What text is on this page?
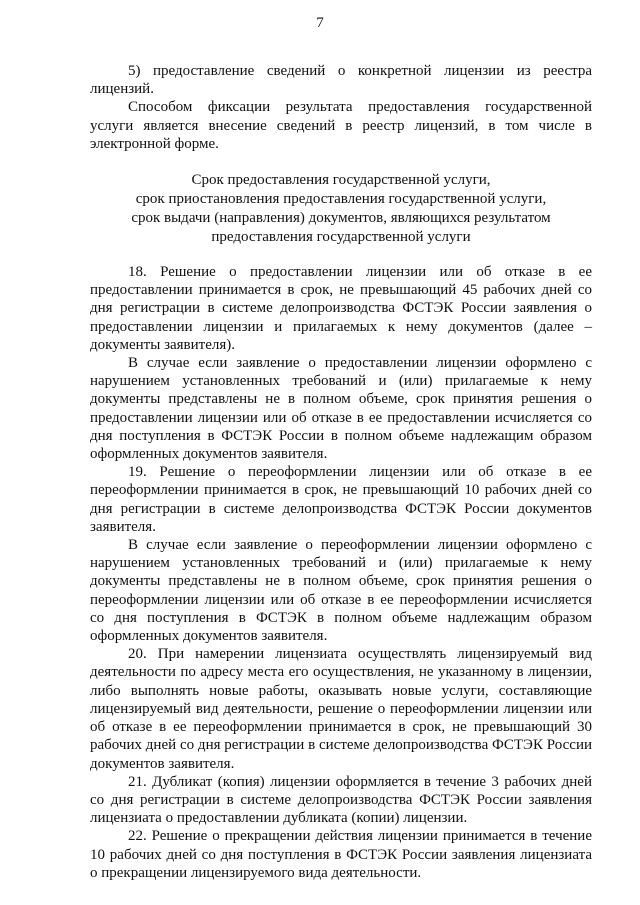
7

5) предоставление сведений о конкретной лицензии из реестра лицензий.

Способом фиксации результата предоставления государственной услуги является внесение сведений в реестр лицензий, в том числе в электронной форме.

Срок предоставления государственной услуги,
срок приостановления предоставления государственной услуги,
срок выдачи (направления) документов, являющихся результатом
предоставления государственной услуги

18. Решение о предоставлении лицензии или об отказе в ее предоставлении принимается в срок, не превышающий 45 рабочих дней со дня регистрации в системе делопроизводства ФСТЭК России заявления о предоставлении лицензии и прилагаемых к нему документов (далее – документы заявителя).

В случае если заявление о предоставлении лицензии оформлено с нарушением установленных требований и (или) прилагаемые к нему документы представлены не в полном объеме, срок принятия решения о предоставлении лицензии или об отказе в ее предоставлении исчисляется со дня поступления в ФСТЭК России в полном объеме надлежащим образом оформленных документов заявителя.

19. Решение о переоформлении лицензии или об отказе в ее переоформлении принимается в срок, не превышающий 10 рабочих дней со дня регистрации в системе делопроизводства ФСТЭК России документов заявителя.

В случае если заявление о переоформлении лицензии оформлено с нарушением установленных требований и (или) прилагаемые к нему документы представлены не в полном объеме, срок принятия решения о переоформлении лицензии или об отказе в ее переоформлении исчисляется со дня поступления в ФСТЭК в полном объеме надлежащим образом оформленных документов заявителя.

20. При намерении лицензиата осуществлять лицензируемый вид деятельности по адресу места его осуществления, не указанному в лицензии, либо выполнять новые работы, оказывать новые услуги, составляющие лицензируемый вид деятельности, решение о переоформлении лицензии или об отказе в ее переоформлении принимается в срок, не превышающий 30 рабочих дней со дня регистрации в системе делопроизводства ФСТЭК России документов заявителя.

21. Дубликат (копия) лицензии оформляется в течение 3 рабочих дней со дня регистрации в системе делопроизводства ФСТЭК России заявления лицензиата о предоставлении дубликата (копии) лицензии.

22. Решение о прекращении действия лицензии принимается в течение 10 рабочих дней со дня поступления в ФСТЭК России заявления лицензиата о прекращении лицензируемого вида деятельности.
